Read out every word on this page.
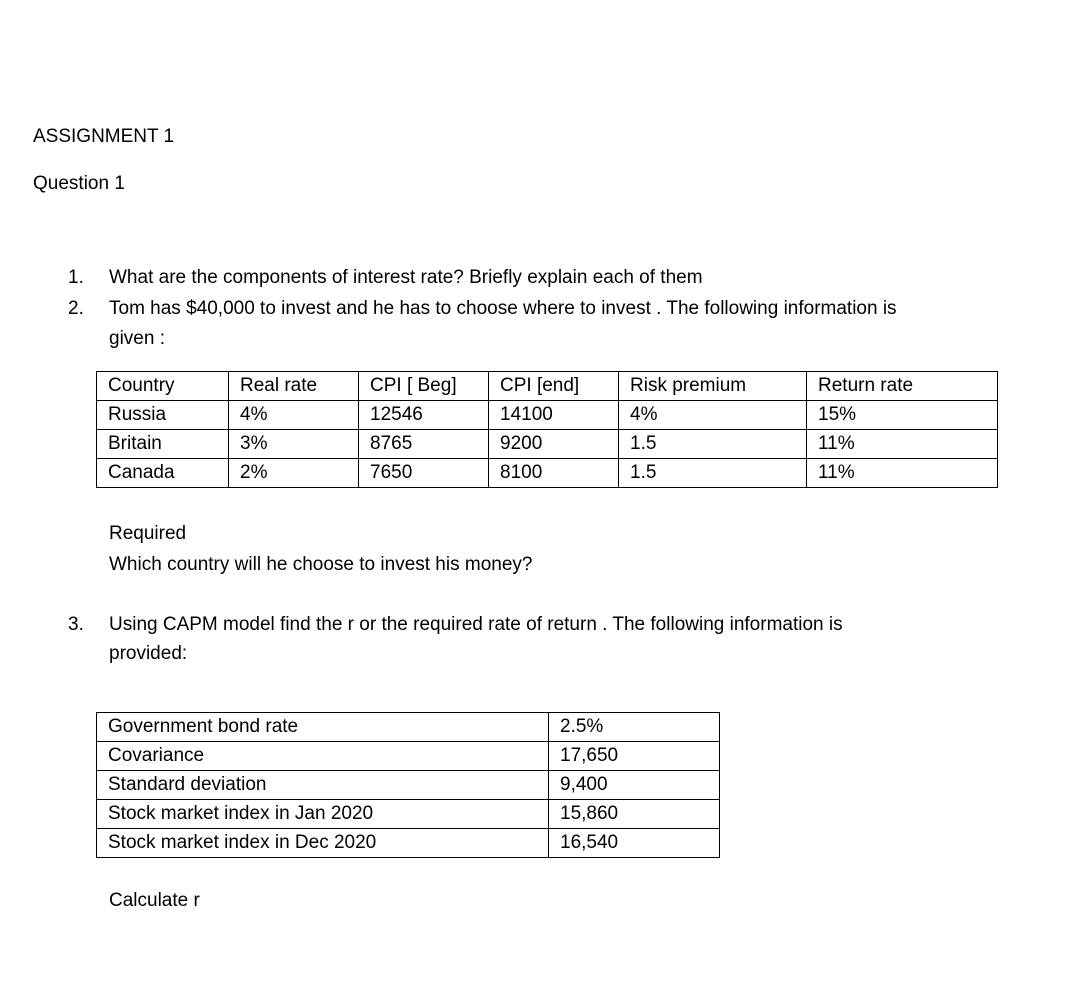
ASSIGNMENT 1
Question 1
1.	What are the components of interest rate? Briefly explain each of them
2.	Tom has $40,000 to invest and he has to choose where to invest . The following information is
given :
Country	Real rate	CPI [ Beg]	CPI [end]	Risk premium	Return rate
Russia	4%	12546	14100	4%	15%
Britain	3%	8765	9200	1.5	11%
Canada	2%	7650	8100	1.5	11%
Required
Which country will he choose to invest his money?
3.	Using CAPM model find the r or the required rate of return . The following information is
provided:
Government bond rate	2.5%
Covariance	17,650
Standard deviation	9,400
Stock market index in Jan 2020	15,860
Stock market index in Dec 2020	16,540
Calculate r
